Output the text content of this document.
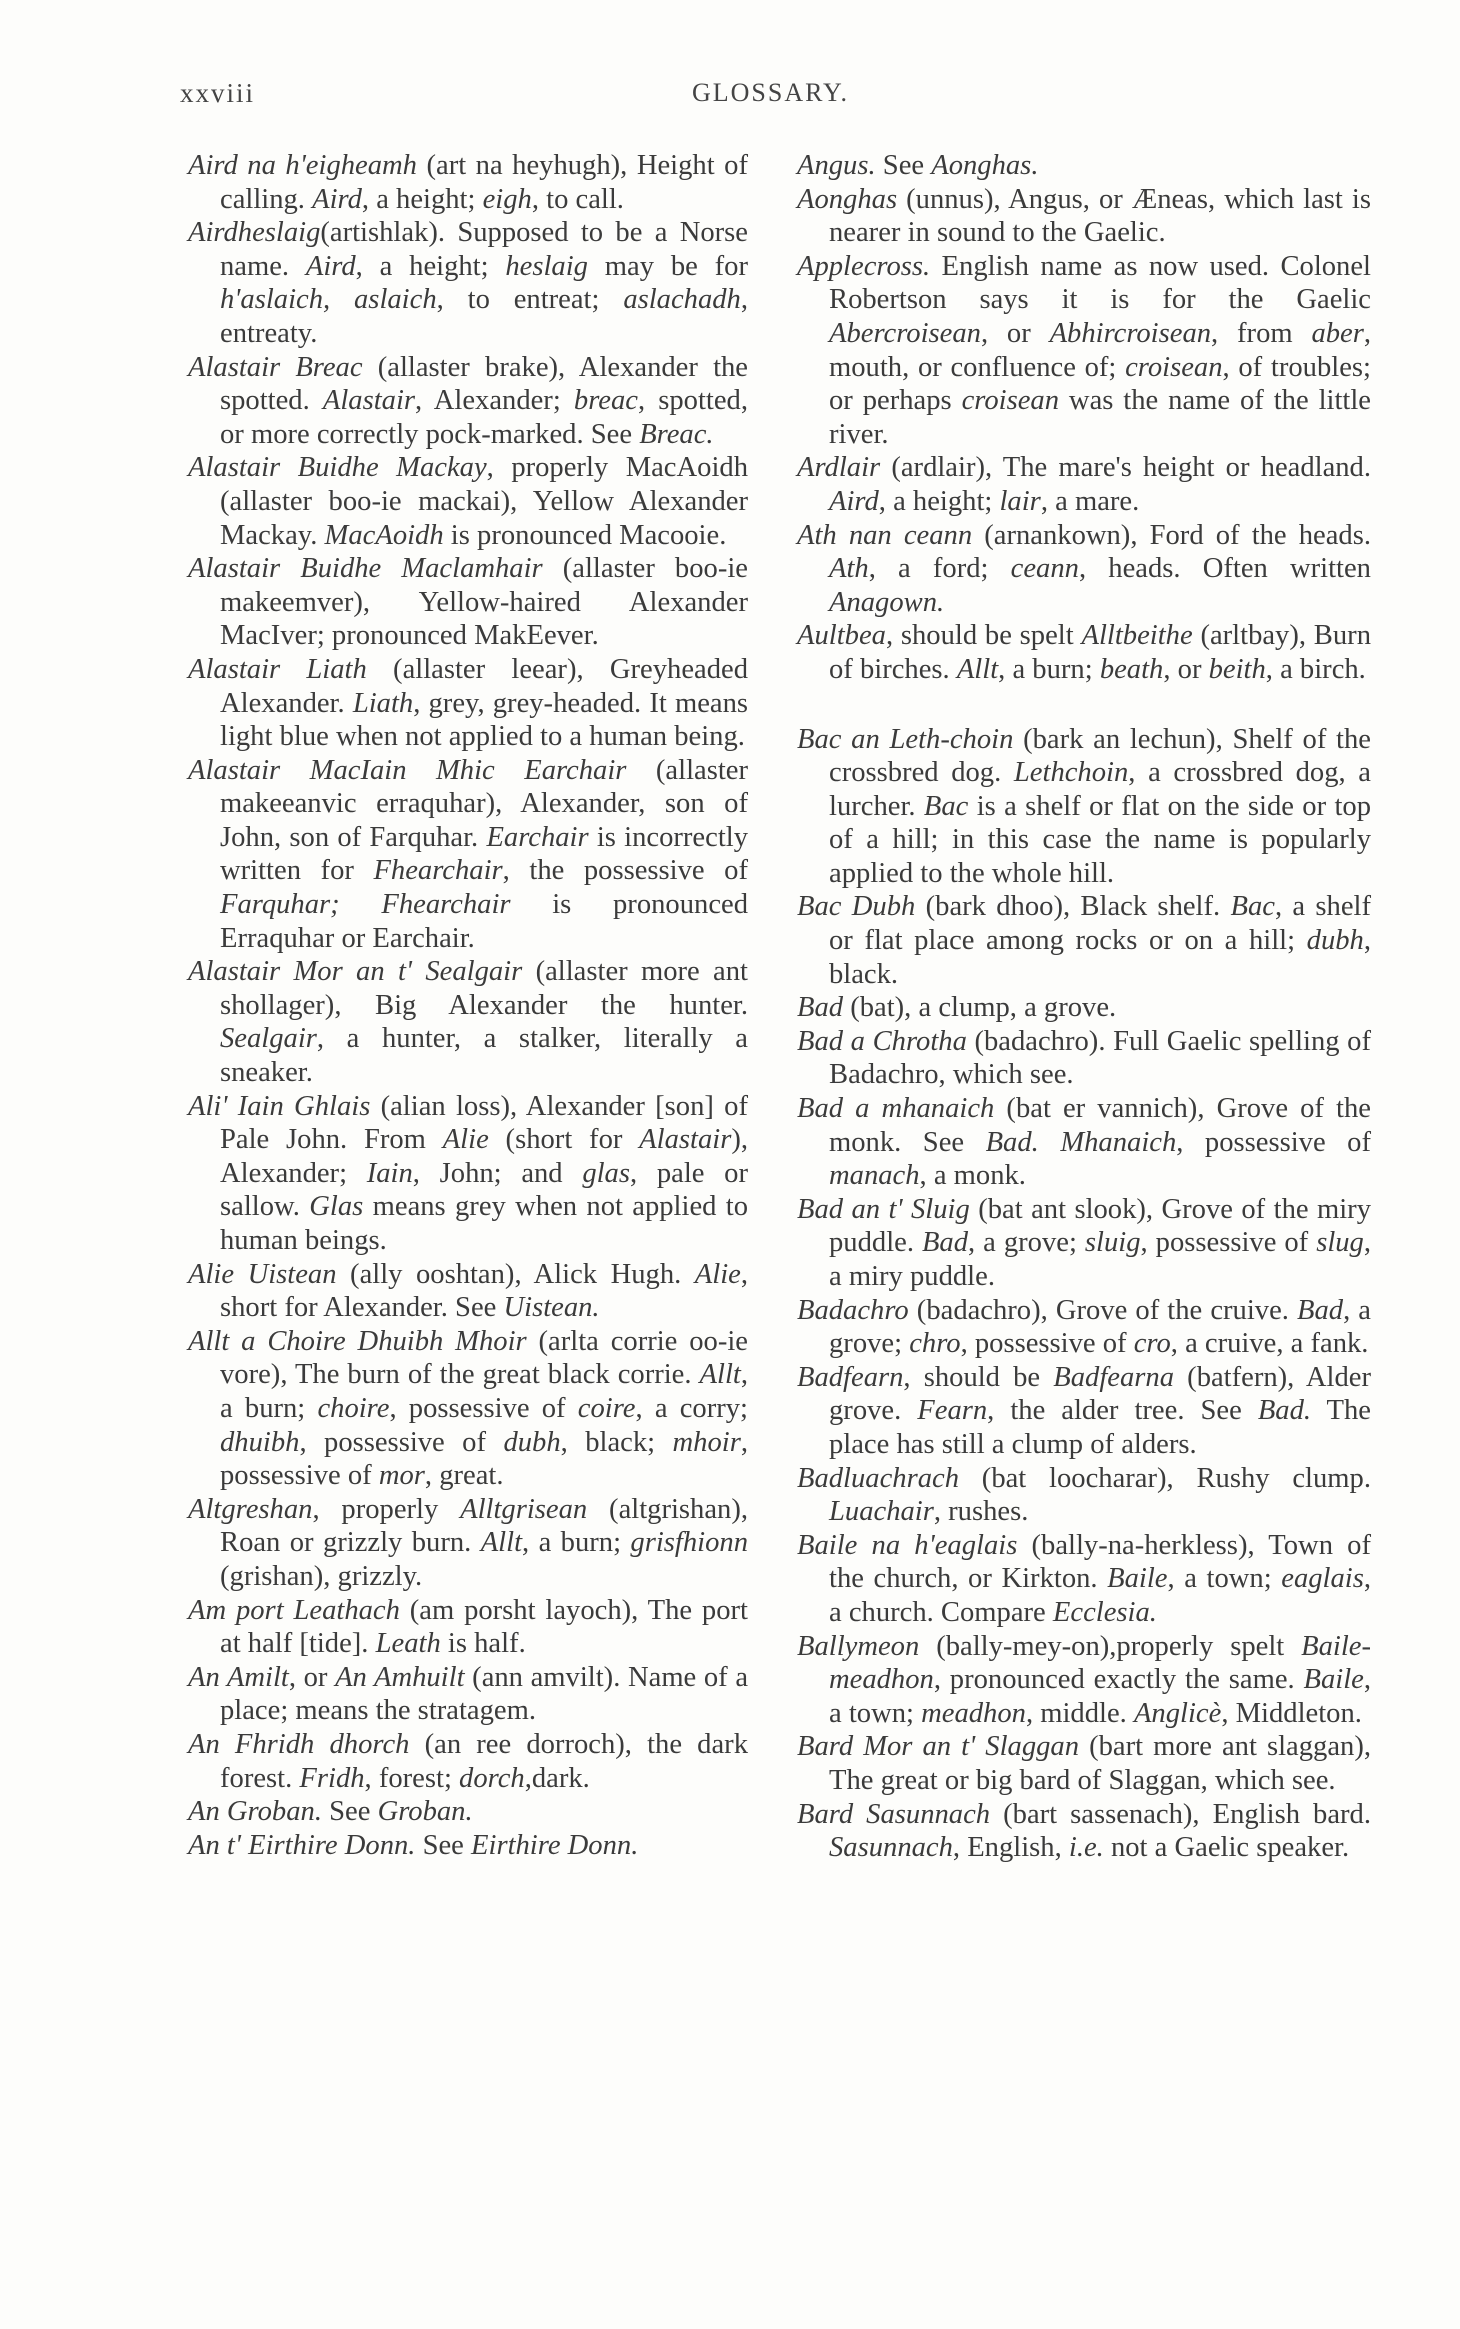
xxviii	GLOSSARY.

Aird na h'eigheamh (art na heyhugh), Height of calling. Aird, a height; eigh, to call.

Airdheslaig(artishlak). Supposed to be a Norse name. Aird, a height; heslaig may be for h'aslaich, aslaich, to entreat; aslachadh, entreaty.

Alastair Breac (allaster brake), Alexander the spotted. Alastair, Alexander; breac, spotted, or more correctly pock-marked. See Breac.

Alastair Buidhe Mackay, properly MacAoidh (allaster boo-ie mackai), Yellow Alexander Mackay. MacAoidh is pronounced Macooie.

Alastair Buidhe Maclamhair (allaster boo-ie makeemver), Yellow-haired Alexander MacIver; pronounced MakEever.

Alastair Liath (allaster leear), Greyheaded Alexander. Liath, grey, grey-headed. It means light blue when not applied to a human being.

Alastair MacIain Mhic Earchair (allaster makeeanvic erraquhar), Alexander, son of John, son of Farquhar. Earchair is incorrectly written for Fhearchair, the possessive of Farquhar; Fhearchair is pronounced Erraquhar or Earchair.

Alastair Mor an t' Sealgair (allaster more ant shollager), Big Alexander the hunter. Sealgair, a hunter, a stalker, literally a sneaker.

Ali' Iain Ghlais (alian loss), Alexander [son] of Pale John. From Alie (short for Alastair), Alexander; Iain, John; and glas, pale or sallow. Glas means grey when not applied to human beings.

Alie Uistean (ally ooshtan), Alick Hugh. Alie, short for Alexander. See Uistean.

Allt a Choire Dhuibh Mhoir (arlta corrie oo-ie vore), The burn of the great black corrie. Allt, a burn; choire, possessive of coire, a corry; dhuibh, possessive of dubh, black; mhoir, possessive of mor, great.

Altgreshan, properly Alltgrisean (altgrishan), Roan or grizzly burn. Allt, a burn; grisfhionn (grishan), grizzly.

Am port Leathach (am porsht layoch), The port at half [tide]. Leath is half.

An Amilt, or An Amhuilt (ann amvilt). Name of a place; means the stratagem.

An Fhridh dhorch (an ree dorroch), the dark forest. Fridh, forest; dorch,dark.

An Groban. See Groban.

An t' Eirthire Donn. See Eirthire Donn.

Angus. See Aonghas.

Aonghas (unnus), Angus, or Æneas, which last is nearer in sound to the Gaelic.

Applecross. English name as now used. Colonel Robertson says it is for the Gaelic Abercroisean, or Abhircroisean, from aber, mouth, or confluence of; croisean, of troubles; or perhaps croisean was the name of the little river.

Ardlair (ardlair), The mare's height or headland. Aird, a height; lair, a mare.

Ath nan ceann (arnankown), Ford of the heads. Ath, a ford; ceann, heads. Often written Anagown.

Aultbea, should be spelt Alltbeithe (arltbay), Burn of birches. Allt, a burn; beath, or beith, a birch.

Bac an Leth-choin (bark an lechun), Shelf of the crossbred dog. Lethchoin, a crossbred dog, a lurcher. Bac is a shelf or flat on the side or top of a hill; in this case the name is popularly applied to the whole hill.

Bac Dubh (bark dhoo), Black shelf. Bac, a shelf or flat place among rocks or on a hill; dubh, black.

Bad (bat), a clump, a grove.

Bad a Chrotha (badachro). Full Gaelic spelling of Badachro, which see.

Bad a mhanaich (bat er vannich), Grove of the monk. See Bad. Mhanaich, possessive of manach, a monk.

Bad an t' Sluig (bat ant slook), Grove of the miry puddle. Bad, a grove; sluig, possessive of slug, a miry puddle.

Badachro (badachro), Grove of the cruive. Bad, a grove; chro, possessive of cro, a cruive, a fank.

Badfearn, should be Badfearna (batfern), Alder grove. Fearn, the alder tree. See Bad. The place has still a clump of alders.

Badluachrach (bat loocharar), Rushy clump. Luachair, rushes.

Baile na h'eaglais (bally-na-herkless), Town of the church, or Kirkton. Baile, a town; eaglais, a church. Compare Ecclesia.

Ballymeon (bally-mey-on),properly spelt Baile-meadhon, pronounced exactly the same. Baile, a town; meadhon, middle. Anglicè, Middleton.

Bard Mor an t' Slaggan (bart more ant slaggan), The great or big bard of Slaggan, which see.

Bard Sasunnach (bart sassenach), English bard. Sasunnach, English, i.e. not a Gaelic speaker.
